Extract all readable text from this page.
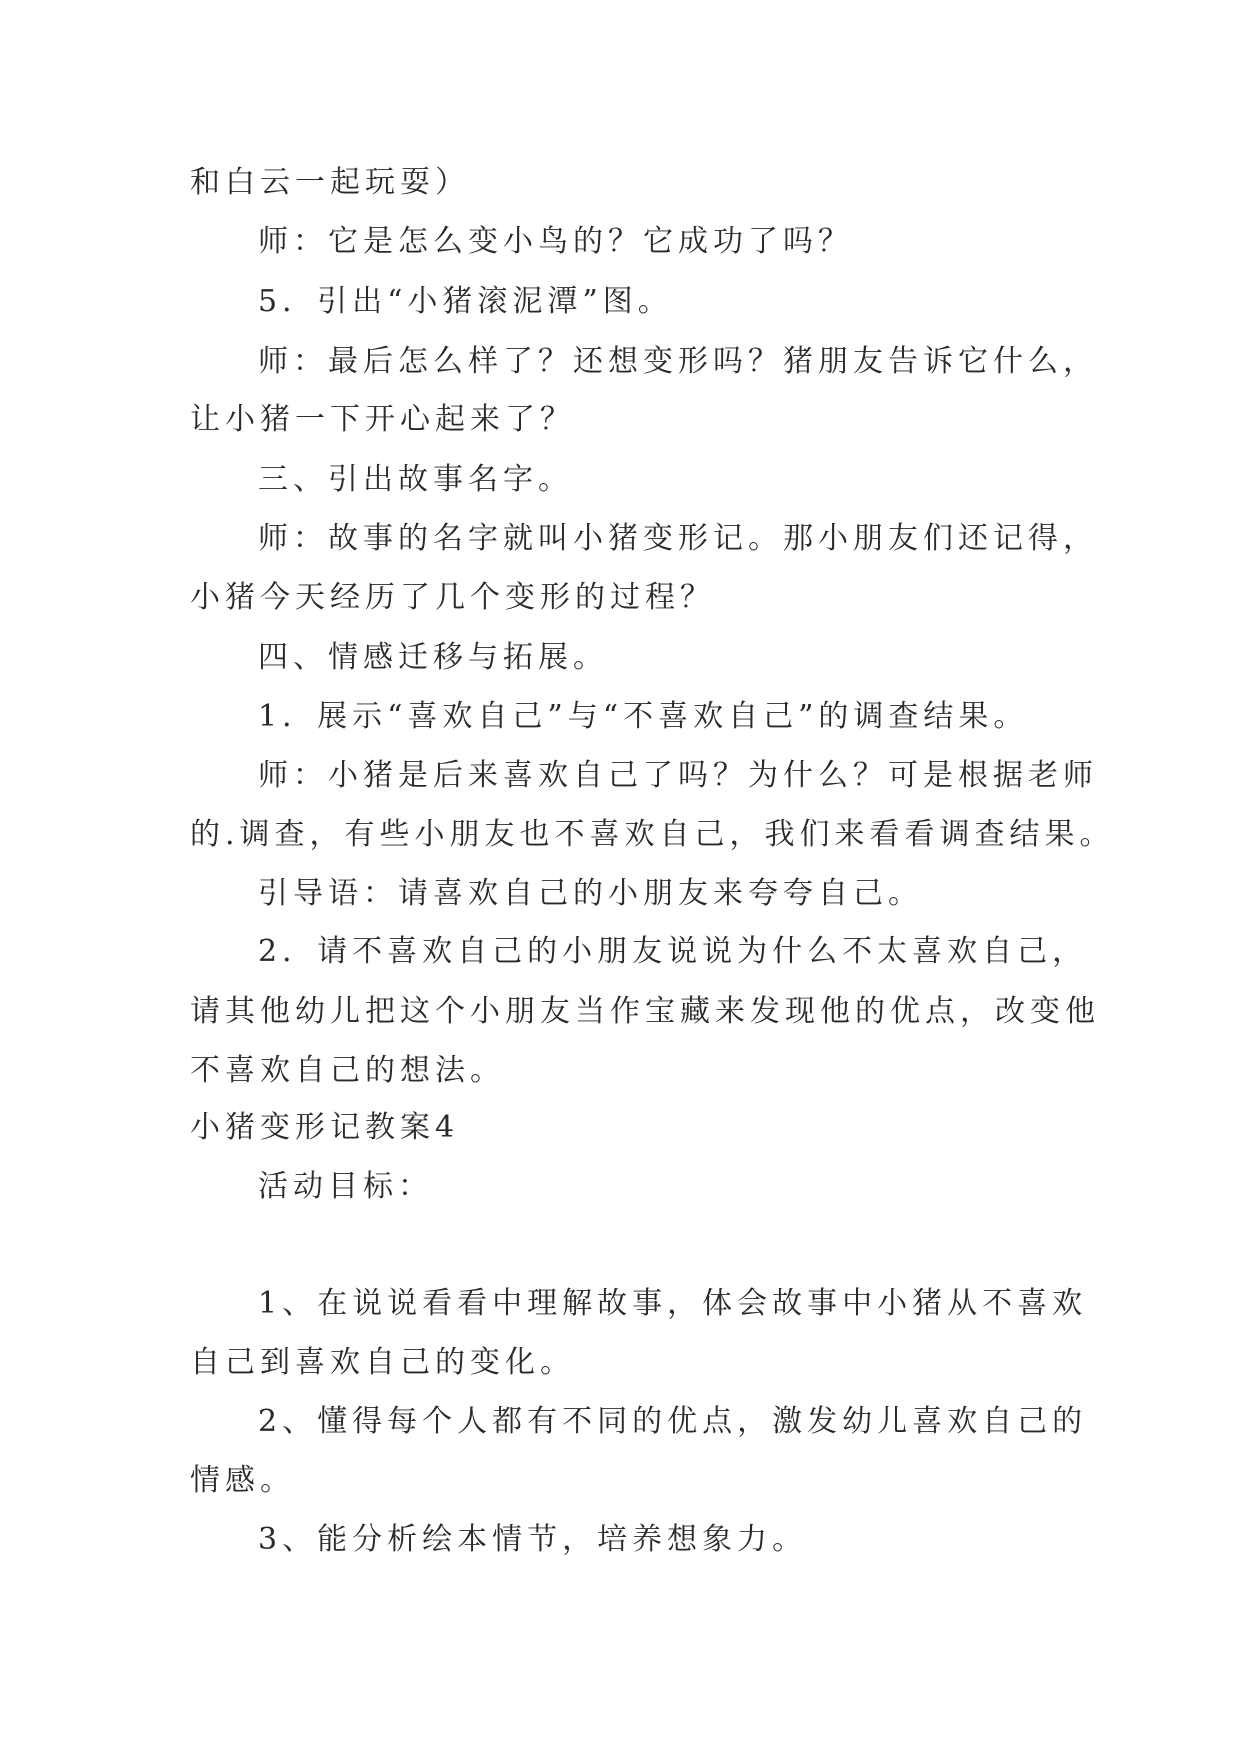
和白云一起玩耍）
师：它是怎么变小鸟的？它成功了吗？
5．引出“小猪滚泥潭”图。
师：最后怎么样了？还想变形吗？猪朋友告诉它什么，
让小猪一下开心起来了？
三、引出故事名字。
师：故事的名字就叫小猪变形记。那小朋友们还记得，
小猪今天经历了几个变形的过程？
四、情感迁移与拓展。
1．展示“喜欢自己”与“不喜欢自己”的调查结果。
师：小猪是后来喜欢自己了吗？为什么？可是根据老师
的.调查，有些小朋友也不喜欢自己，我们来看看调查结果。
引导语：请喜欢自己的小朋友来夸夸自己。
2．请不喜欢自己的小朋友说说为什么不太喜欢自己，
请其他幼儿把这个小朋友当作宝藏来发现他的优点，改变他
不喜欢自己的想法。
小猪变形记教案4
活动目标：
1、在说说看看中理解故事，体会故事中小猪从不喜欢
自己到喜欢自己的变化。
2、懂得每个人都有不同的优点，激发幼儿喜欢自己的
情感。
3、能分析绘本情节，培养想象力。
